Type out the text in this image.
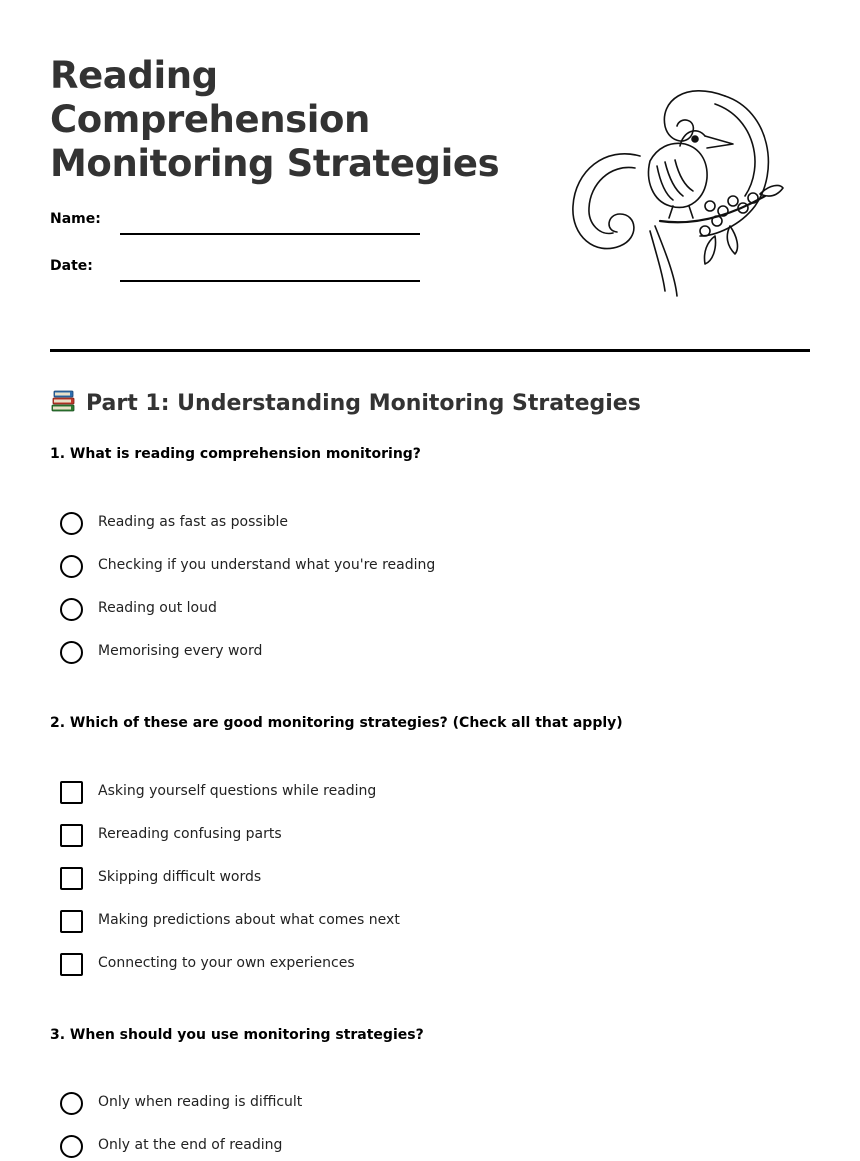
Reading Comprehension Monitoring Strategies
Name:
Date:
Part 1: Understanding Monitoring Strategies

1. What is reading comprehension monitoring?

Reading as fast as possible
Checking if you understand what you're reading
Reading out loud
Memorising every word

2. Which of these are good monitoring strategies? (Check all that apply)

Asking yourself questions while reading
Rereading confusing parts
Skipping difficult words
Making predictions about what comes next
Connecting to your own experiences

3. When should you use monitoring strategies?

Only when reading is difficult
Only at the end of reading
